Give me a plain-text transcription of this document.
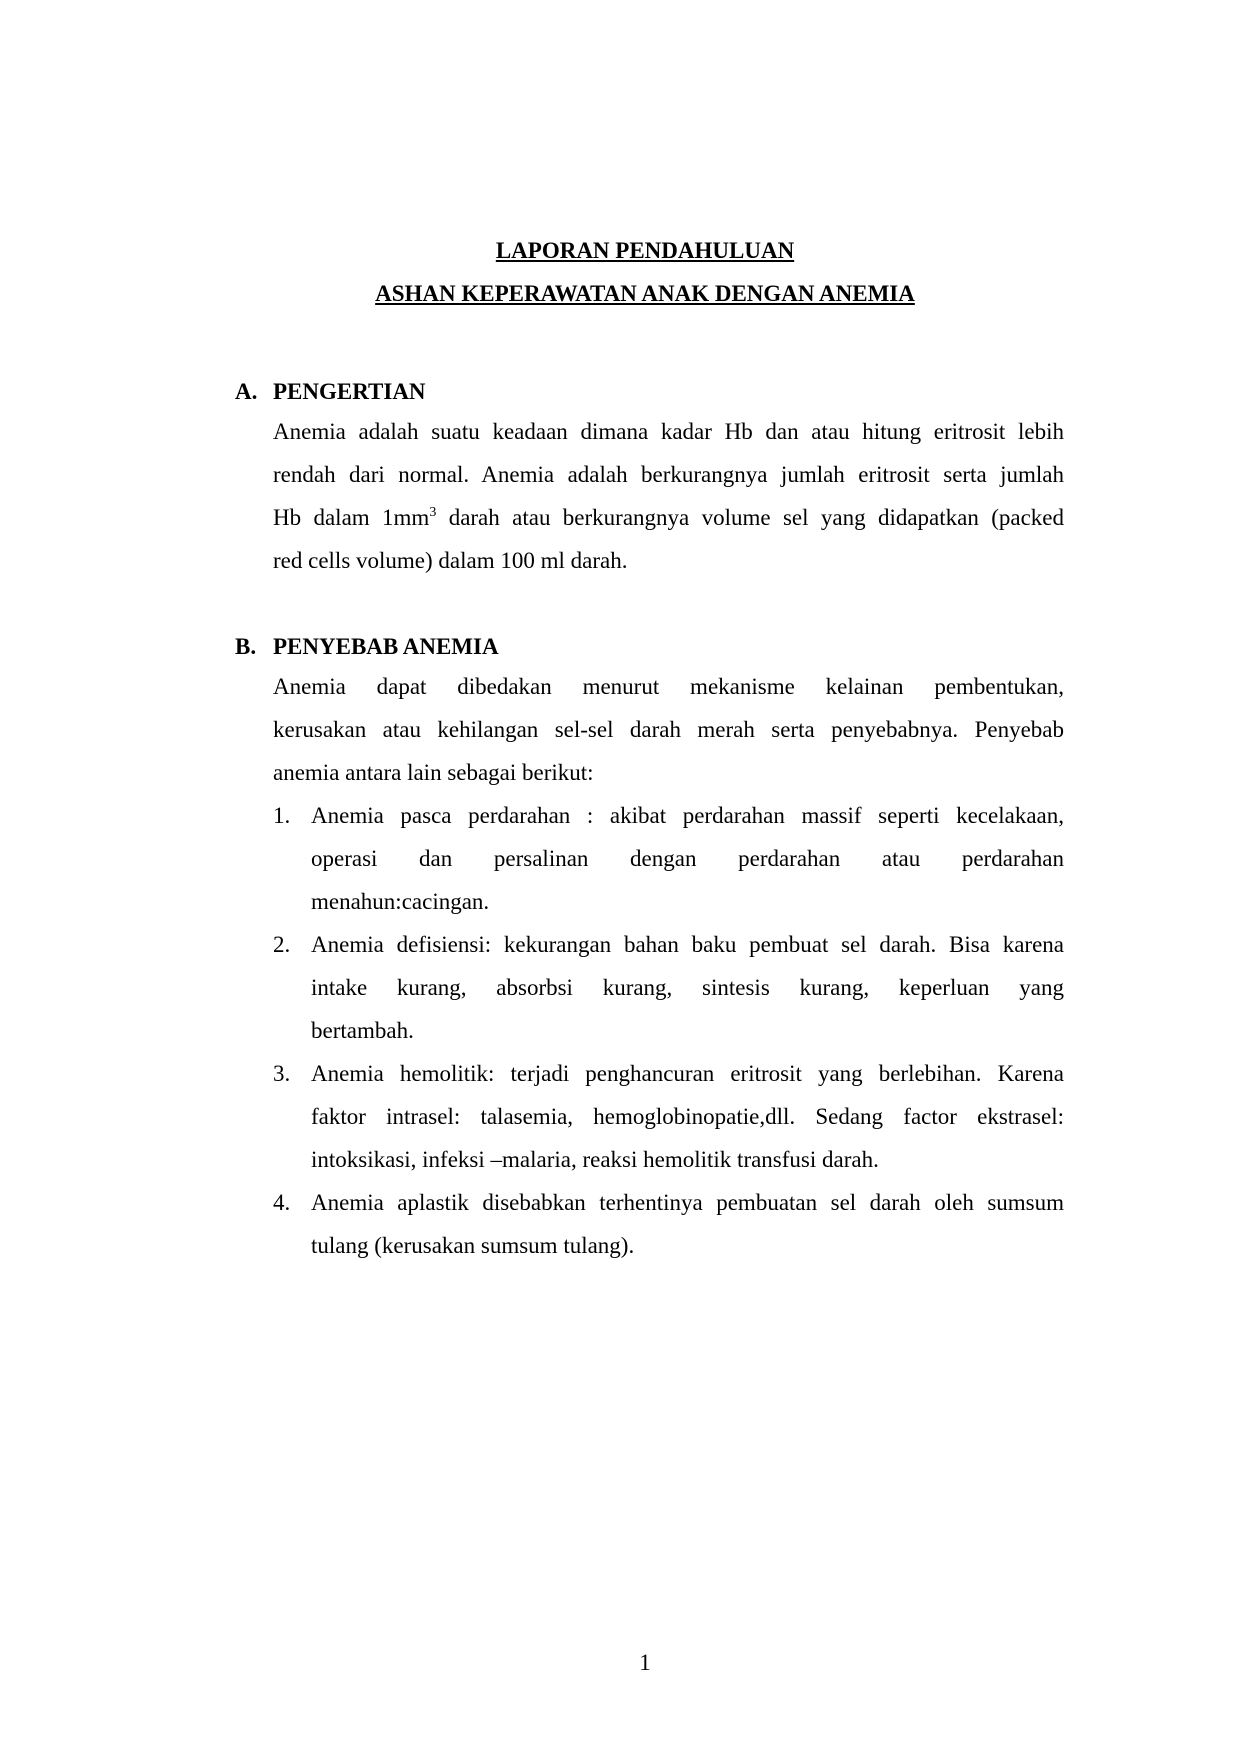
LAPORAN PENDAHULUAN
ASHAN KEPERAWATAN ANAK DENGAN ANEMIA
A. PENGERTIAN
Anemia adalah suatu keadaan dimana kadar Hb dan atau hitung eritrosit lebih
rendah dari normal. Anemia adalah berkurangnya jumlah eritrosit serta jumlah
Hb dalam $1mm^3$ darah atau berkurangnya volume sel yang didapatkan (packed
red cells volume) dalam 100 ml darah.
B. PENYEBAB ANEMIA
Anemia dapat dibedakan menurut mekanisme kelainan pembentukan,
kerusakan atau kehilangan sel-sel darah merah serta penyebabnya. Penyebab
anemia antara lain sebagai berikut:
1. Anemia pasca perdarahan : akibat perdarahan massif seperti kecelakaan,
operasi dan persalinan dengan perdarahan atau perdarahan
menahun:cacingan.
2. Anemia defisiensi: kekurangan bahan baku pembuat sel darah. Bisa karena
intake kurang, absorbsi kurang, sintesis kurang, keperluan yang
bertambah.
3. Anemia hemolitik: terjadi penghancuran eritrosit yang berlebihan. Karena
faktor intrasel: talasemia, hemoglobinopatie,dll. Sedang factor ekstrasel:
intoksikasi, infeksi –malaria, reaksi hemolitik transfusi darah.
4. Anemia aplastik disebabkan terhentinya pembuatan sel darah oleh sumsum
tulang (kerusakan sumsum tulang).
1
